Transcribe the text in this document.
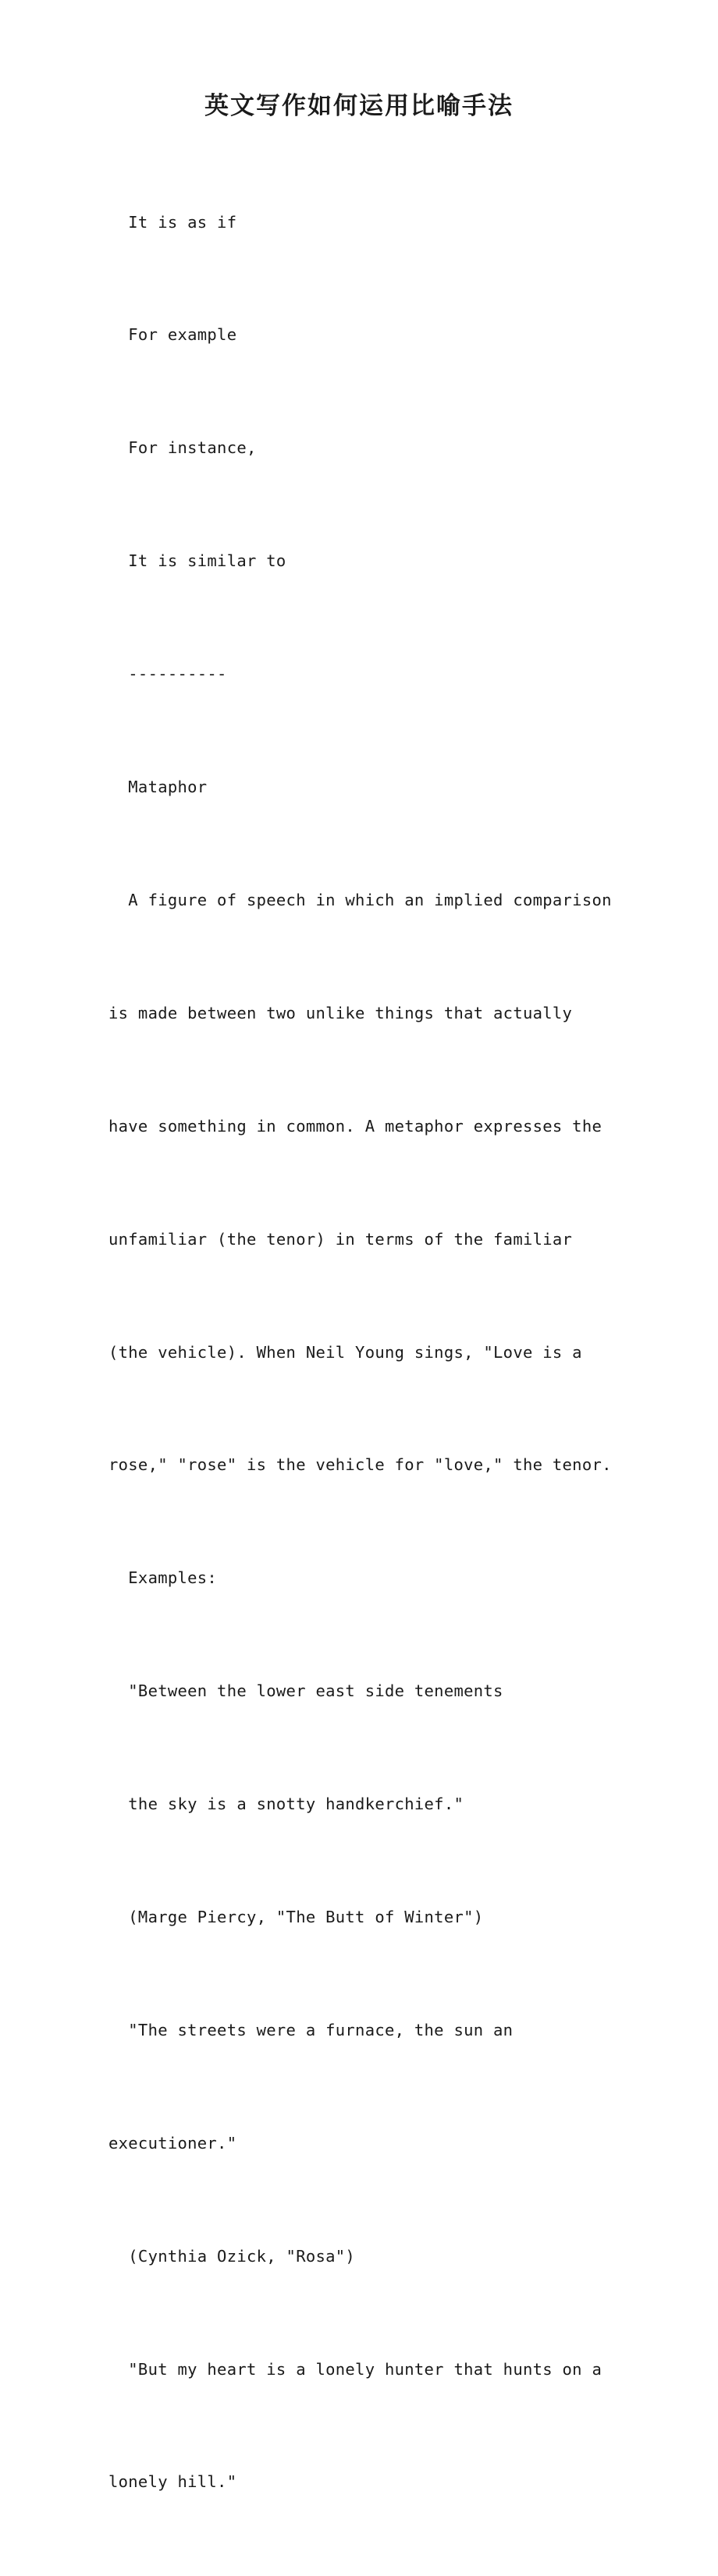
英文写作如何运用比喻手法

It is as if

For example

For instance,

It is similar to

----------

Mataphor

A figure of speech in which an implied comparison

is made between two unlike things that actually

have something in common. A metaphor expresses the

unfamiliar (the tenor) in terms of the familiar

(the vehicle). When Neil Young sings, "Love is a

rose," "rose" is the vehicle for "love," the tenor.

Examples:

"Between the lower east side tenements

the sky is a snotty handkerchief."

(Marge Piercy, "The Butt of Winter")

"The streets were a furnace, the sun an

executioner."

(Cynthia Ozick, "Rosa")

"But my heart is a lonely hunter that hunts on a

lonely hill."
